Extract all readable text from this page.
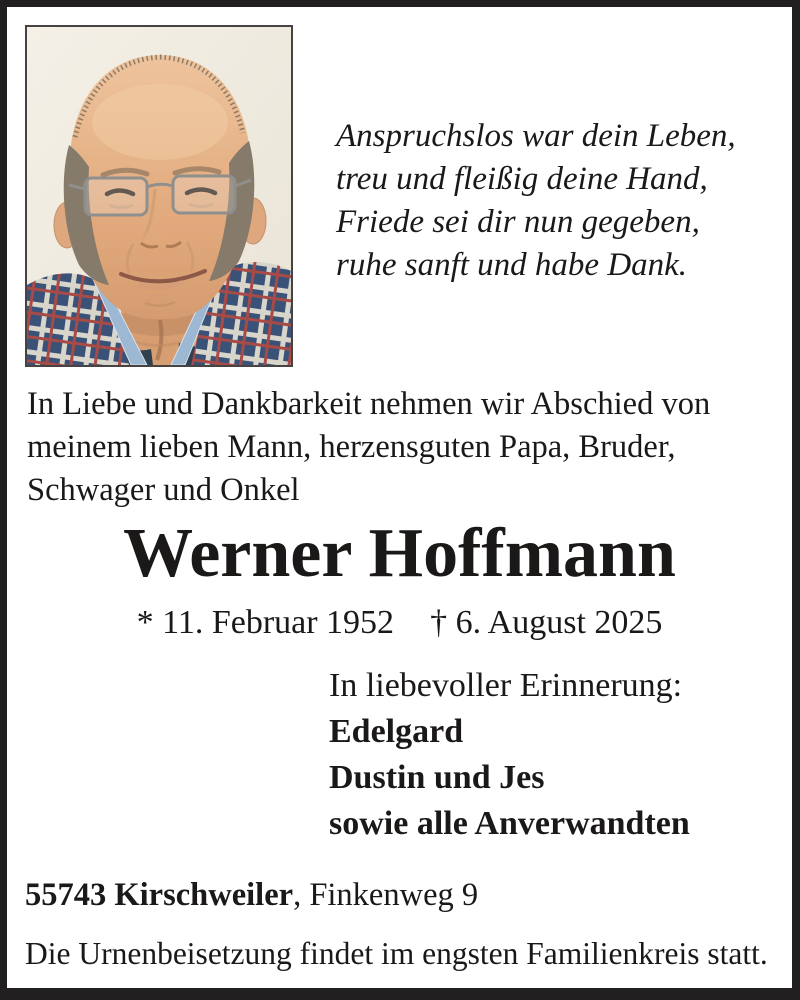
Anspruchslos war dein Leben,
treu und fleißig deine Hand,
Friede sei dir nun gegeben,
ruhe sanft und habe Dank.
In Liebe und Dankbarkeit nehmen wir Abschied von
meinem lieben Mann, herzensguten Papa, Bruder,
Schwager und Onkel
Werner Hoffmann
* 11. Februar 1952 † 6. August 2025
In liebevoller Erinnerung:
Edelgard
Dustin und Jes
sowie alle Anverwandten
55743 Kirschweiler, Finkenweg 9
Die Urnenbeisetzung findet im engsten Familienkreis statt.
